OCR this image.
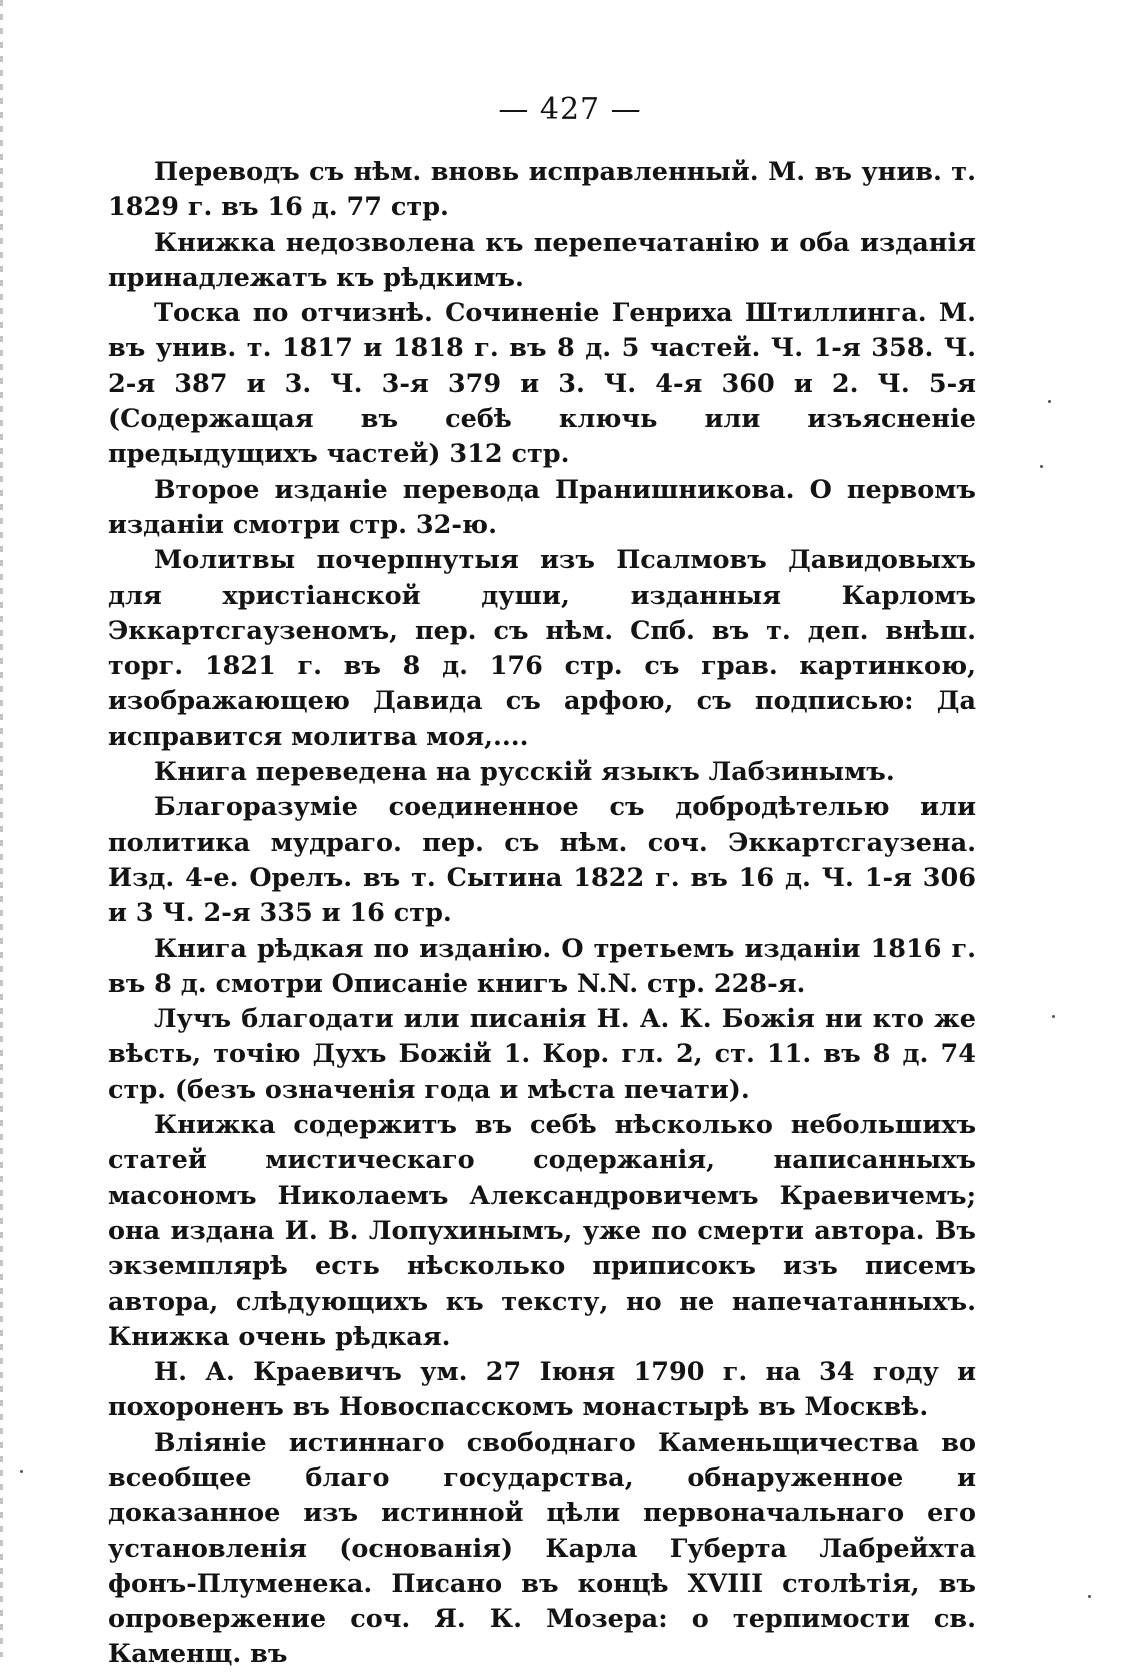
— 427 —

Переводъ съ нѣм. вновь исправленный. М. въ унив. т. 1829 г. въ 16 д. 77 стр.

Книжка недозволена къ перепечатанію и оба изданія принадлежатъ къ рѣдкимъ.

Тоска по отчизнѣ. Сочиненіе Генриха Штиллинга. М. въ унив. т. 1817 и 1818 г. въ 8 д. 5 частей. Ч. 1-я 358. Ч. 2-я 387 и 3. Ч. 3-я 379 и 3. Ч. 4-я 360 и 2. Ч. 5-я (Содержащая въ себѣ ключь или изъясненіе предыдущихъ частей) 312 стр.

Второе изданіе перевода Пранишникова. О первомъ изданіи смотри стр. 32-ю.

Молитвы почерпнутыя изъ Псалмовъ Давидовыхъ для христіанской души, изданныя Карломъ Эккартсгаузеномъ, пер. съ нѣм. Спб. въ т. деп. внѣш. торг. 1821 г. въ 8 д. 176 стр. съ грав. картинкою, изображающею Давида съ арфою, съ подписью: Да исправится молитва моя,....

Книга переведена на русскій языкъ Лабзинымъ.

Благоразуміе соединенное съ добродѣтелью или политика мудраго. пер. съ нѣм. соч. Эккартсгаузена. Изд. 4-е. Орелъ. въ т. Сытина 1822 г. въ 16 д. Ч. 1-я 306 и 3 Ч. 2-я 335 и 16 стр.

Книга рѣдкая по изданію. О третьемъ изданіи 1816 г. въ 8 д. смотри Описаніе книгъ N.N. стр. 228-я.

Лучъ благодати или писанія Н. А. К. Божія ни кто же вѣсть, точію Духъ Божій 1. Кор. гл. 2, ст. 11. въ 8 д. 74 стр. (безъ означенія года и мѣста печати).

Книжка содержитъ въ себѣ нѣсколько небольшихъ статей мистическаго содержанія, написанныхъ масономъ Николаемъ Александровичемъ Краевичемъ; она издана И. В. Лопухинымъ, уже по смерти автора. Въ экземплярѣ есть нѣсколько приписокъ изъ писемъ автора, слѣдующихъ къ тексту, но не напечатанныхъ. Книжка очень рѣдкая.

Н. А. Краевичъ ум. 27 Іюня 1790 г. на 34 году и похороненъ въ Новоспасскомъ монастырѣ въ Москвѣ.

Вліяніе истиннаго свободнаго Каменьщичества во всеобщее благо государства, обнаруженное и доказанное изъ истинной цѣли первоначальнаго его установленія (основанія) Карла Губерта Лабрейхта фонъ-Плуменека. Писано въ концѣ XVIII столѣтія, въ опровержение соч. Я. К. Мозера: о терпимости св. Каменщ. въ
